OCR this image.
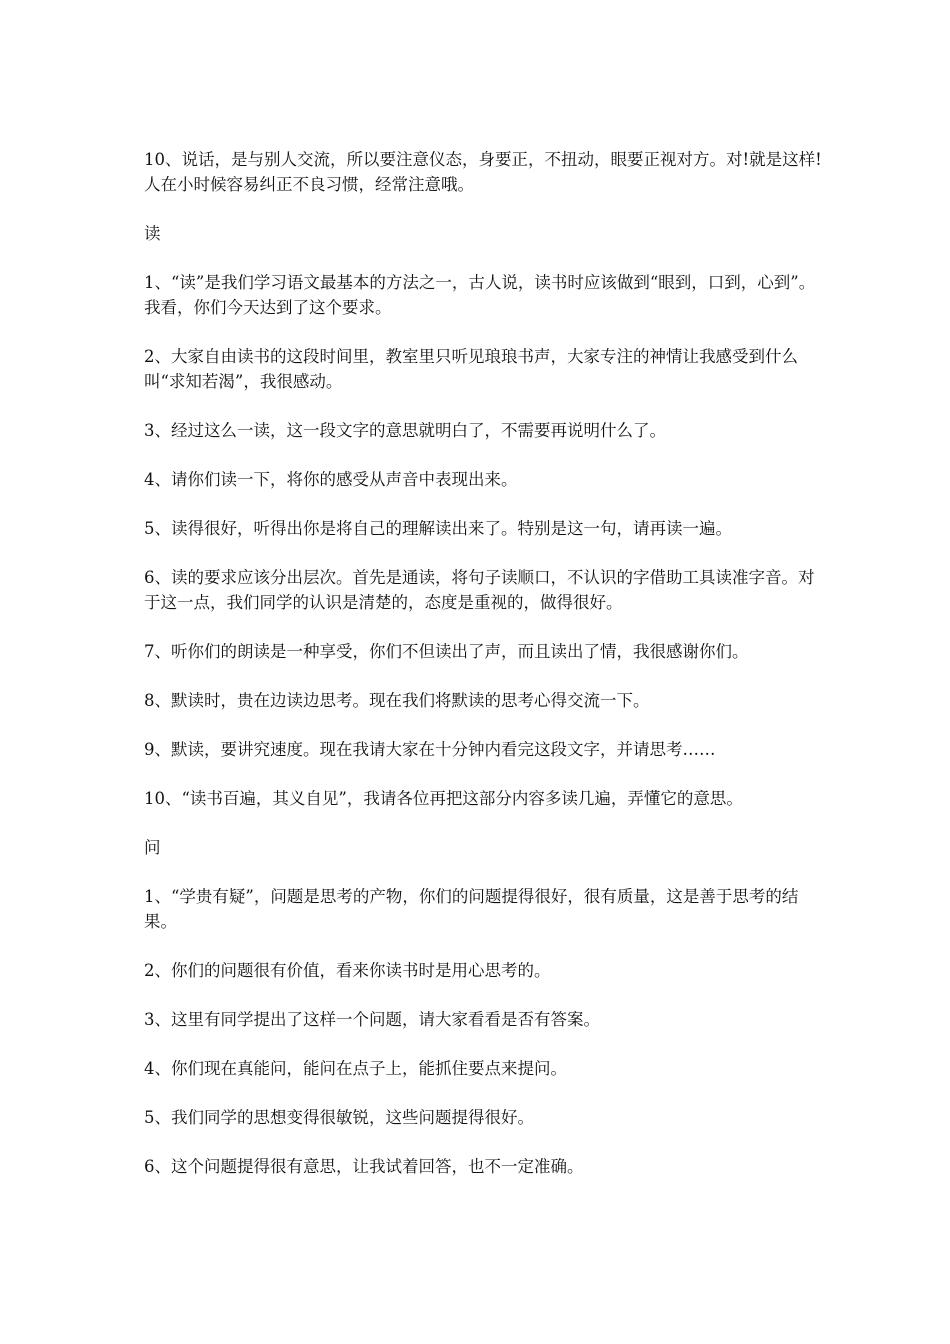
10、说话，是与别人交流，所以要注意仪态，身要正，不扭动，眼要正视对方。对!就是这样!人在小时候容易纠正不良习惯，经常注意哦。

读

1、“读”是我们学习语文最基本的方法之一，古人说，读书时应该做到“眼到，口到，心到”。我看，你们今天达到了这个要求。

2、大家自由读书的这段时间里，教室里只听见琅琅书声，大家专注的神情让我感受到什么叫“求知若渴”，我很感动。

3、经过这么一读，这一段文字的意思就明白了，不需要再说明什么了。

4、请你们读一下，将你的感受从声音中表现出来。

5、读得很好，听得出你是将自己的理解读出来了。特别是这一句，请再读一遍。

6、读的要求应该分出层次。首先是通读，将句子读顺口，不认识的字借助工具读准字音。对于这一点，我们同学的认识是清楚的，态度是重视的，做得很好。

7、听你们的朗读是一种享受，你们不但读出了声，而且读出了情，我很感谢你们。

8、默读时，贵在边读边思考。现在我们将默读的思考心得交流一下。

9、默读，要讲究速度。现在我请大家在十分钟内看完这段文字，并请思考……

10、“读书百遍，其义自见”，我请各位再把这部分内容多读几遍，弄懂它的意思。

问

1、“学贵有疑”，问题是思考的产物，你们的问题提得很好，很有质量，这是善于思考的结果。

2、你们的问题很有价值，看来你读书时是用心思考的。

3、这里有同学提出了这样一个问题，请大家看看是否有答案。

4、你们现在真能问，能问在点子上，能抓住要点来提问。

5、我们同学的思想变得很敏锐，这些问题提得很好。

6、这个问题提得很有意思，让我试着回答，也不一定准确。
